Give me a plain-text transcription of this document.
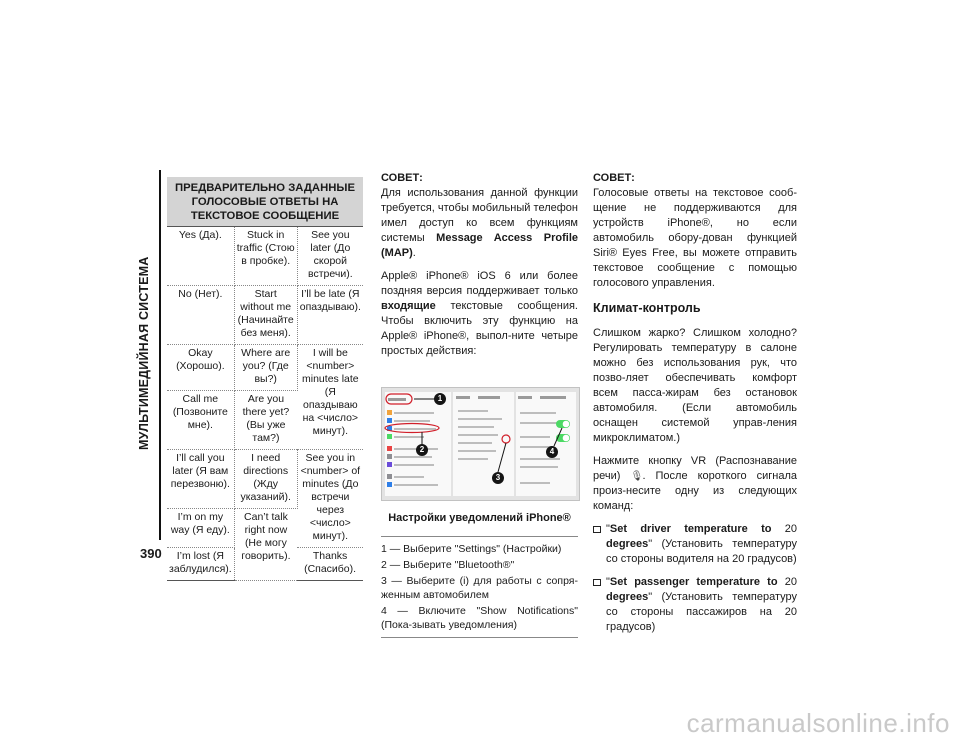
МУЛЬТИМЕДИЙНАЯ СИСТЕМА
390
ПРЕДВАРИТЕЛЬНО ЗАДАННЫЕ ГОЛОСОВЫЕ ОТВЕТЫ НА ТЕКСТОВОЕ СООБЩЕНИЕ		
Yes (Да).	Stuck in traffic (Стою в пробке).	See you later (До скорой встречи).
No (Нет).	Start without me (Начинайте без меня).	I’ll be late (Я опаздываю).
Okay (Хорошо).	Where are you? (Где вы?)	I will be <number> minutes late (Я опаздываю на <число> минут).
Call me (Позвоните мне).	Are you there yet? (Вы уже там?)	
I’ll call you later (Я вам перезвоню).	I need directions (Жду указаний).	See you in <number> of minutes (До встречи через <число> минут).
I’m on my way (Я еду).	Can’t talk right now (Не могу говорить).	
I’m lost (Я заблудился).		Thanks (Спасибо).
СОВЕТ:

Для использования данной функции требуется, чтобы мобильный телефон имел доступ ко всем функциям системы Message Access Profile (MAP).

Apple® iPhone® iOS 6 или более поздняя версия поддерживает только входящие текстовые сообщения. Чтобы включить эту функцию на Apple® iPhone®, выпол-ните четыре простых действия:

1
2
3
4
Настройки уведомлений iPhone®
1 — Выберите "Settings" (Настройки)
2 — Выберите "Bluetooth®"
3 — Выберите (i) для работы с сопря-женным автомобилем
4 — Включите "Show Notifications" (Пока-зывать уведомления)
СОВЕТ:

Голосовые ответы на текстовое сооб-щение не поддерживаются для устройств iPhone®, но если автомобиль обору-дован функцией Siri® Eyes Free, вы можете отправить текстовое сообщение с помощью голосового управления.

Климат-контроль

Слишком жарко? Слишком холодно? Регулировать температуру в салоне можно без использования рук, что позво-ляет обеспечивать комфорт всем пасса-жирам без остановок автомобиля. (Если автомобиль оснащен системой управ-ления микроклиматом.)

Нажмите кнопку VR (Распознавание речи) 🎙. После короткого сигнала произ-несите одну из следующих команд:

"Set driver temperature to 20 degrees" (Установить температуру со стороны водителя на 20 градусов)
"Set passenger temperature to 20 degrees" (Установить температуру со стороны пассажиров на 20 градусов)
carmanualsonline.info
